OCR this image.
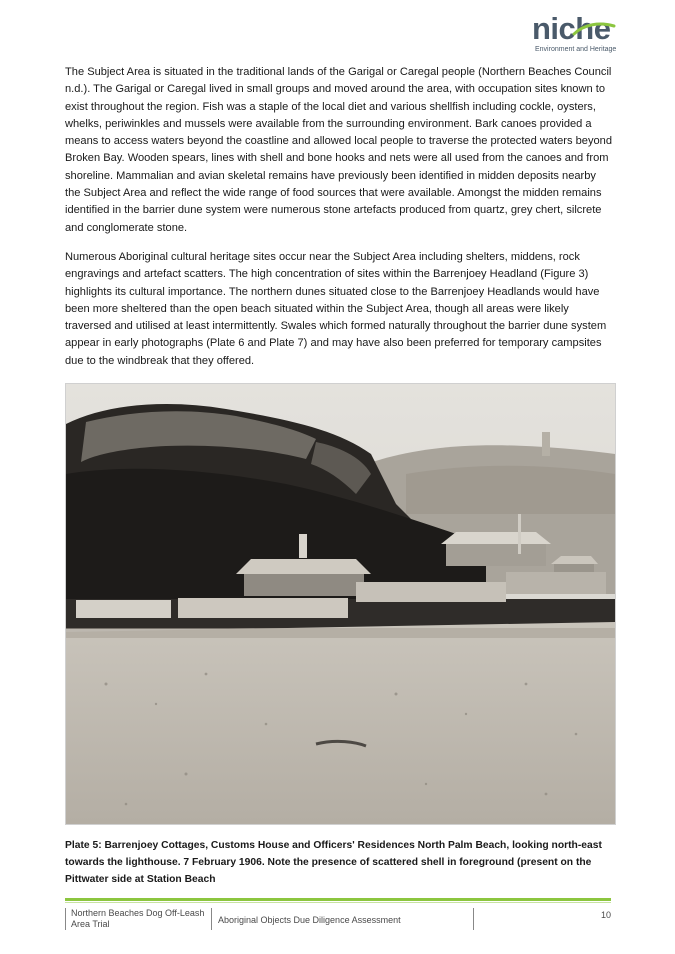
niche
Environment and Heritage

The Subject Area is situated in the traditional lands of the Garigal or Caregal people (Northern Beaches Council n.d.). The Garigal or Caregal lived in small groups and moved around the area, with occupation sites known to exist throughout the region. Fish was a staple of the local diet and various shellfish including cockle, oysters, whelks, periwinkles and mussels were available from the surrounding environment. Bark canoes provided a means to access waters beyond the coastline and allowed local people to traverse the protected waters beyond Broken Bay. Wooden spears, lines with shell and bone hooks and nets were all used from the canoes and from shoreline. Mammalian and avian skeletal remains have previously been identified in midden deposits nearby the Subject Area and reflect the wide range of food sources that were available. Amongst the midden remains identified in the barrier dune system were numerous stone artefacts produced from quartz, grey chert, silcrete and conglomerate stone.

Numerous Aboriginal cultural heritage sites occur near the Subject Area including shelters, middens, rock engravings and artefact scatters. The high concentration of sites within the Barrenjoey Headland (Figure 3) highlights its cultural importance. The northern dunes situated close to the Barrenjoey Headlands would have been more sheltered than the open beach situated within the Subject Area, though all areas were likely traversed and utilised at least intermittently. Swales which formed naturally throughout the barrier dune system appear in early photographs (Plate 6 and Plate 7) and may have also been preferred for temporary campsites due to the windbreak that they offered.

Plate 5: Barrenjoey Cottages, Customs House and Officers' Residences North Palm Beach, looking north-east towards the lighthouse. 7 February 1906. Note the presence of scattered shell in foreground (present on the Pittwater side at Station Beach

Northern Beaches Dog Off-Leash Area Trial	Aboriginal Objects Due Diligence Assessment	10
